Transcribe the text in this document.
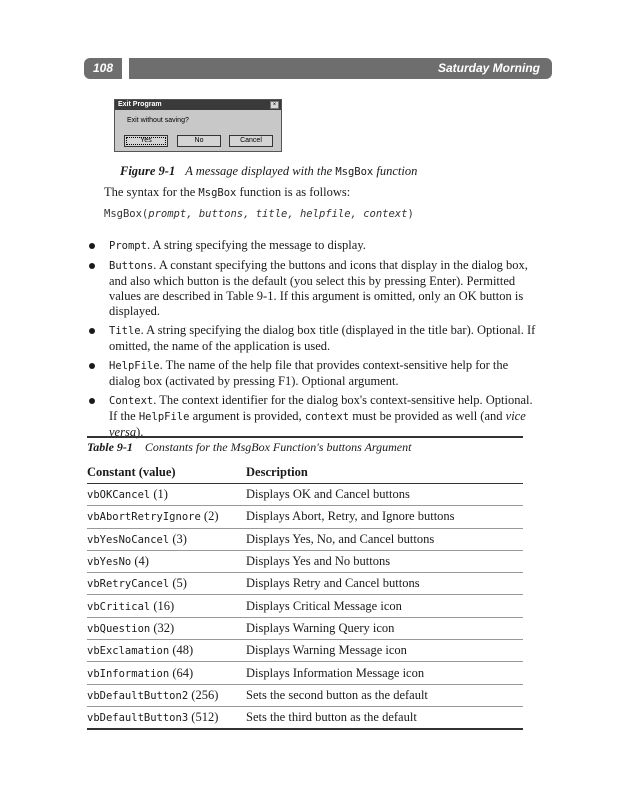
108	Saturday Morning
Exit Program	×
Exit without saving?
Yes	No	Cancel
Figure 9-1 A message displayed with the MsgBox function
The syntax for the MsgBox function is as follows:
MsgBox(prompt, buttons, title, helpfile, context)
Prompt. A string specifying the message to display.
Buttons. A constant specifying the buttons and icons that display in the dialog box, and also which button is the default (you select this by pressing Enter). Permitted values are described in Table 9-1. If this argument is omitted, only an OK button is displayed.
Title. A string specifying the dialog box title (displayed in the title bar). Optional. If omitted, the name of the application is used.
HelpFile. The name of the help file that provides context-sensitive help for the dialog box (activated by pressing F1). Optional argument.
Context. The context identifier for the dialog box's context-sensitive help. Optional. If the HelpFile argument is provided, context must be provided as well (and vice versa).
Table 9-1 Constants for the MsgBox Function's buttons Argument
Constant (value)	Description
vbOKCancel (1)	Displays OK and Cancel buttons
vbAbortRetryIgnore (2)	Displays Abort, Retry, and Ignore buttons
vbYesNoCancel (3)	Displays Yes, No, and Cancel buttons
vbYesNo (4)	Displays Yes and No buttons
vbRetryCancel (5)	Displays Retry and Cancel buttons
vbCritical (16)	Displays Critical Message icon
vbQuestion (32)	Displays Warning Query icon
vbExclamation (48)	Displays Warning Message icon
vbInformation (64)	Displays Information Message icon
vbDefaultButton2 (256)	Sets the second button as the default
vbDefaultButton3 (512)	Sets the third button as the default
